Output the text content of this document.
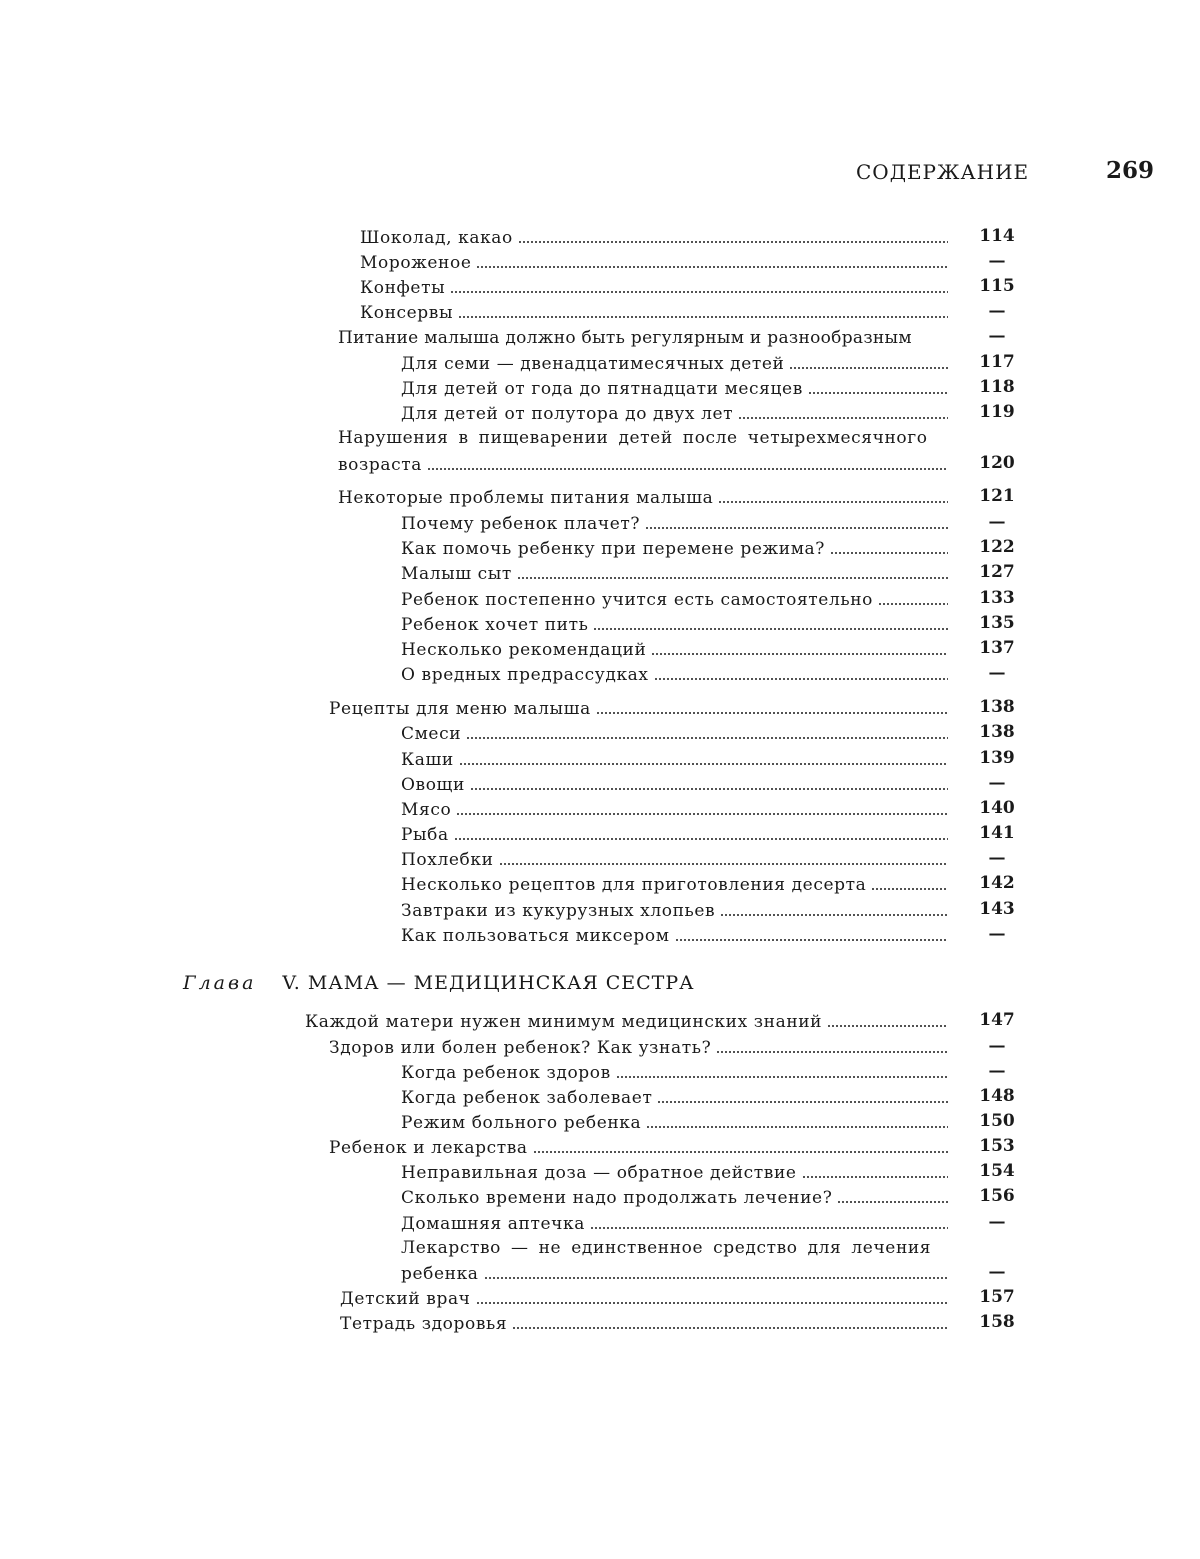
СОДЕРЖАНИЕ	269
Шоколад, какао	114
Мороженое	—
Конфеты	115
Консервы	—
Питание малыша должно быть регулярным и разнообразным	—
Для семи — двенадцатимесячных детей	117
Для детей от года до пятнадцати месяцев	118
Для детей от полутора до двух лет	119
Нарушения в пищеварении детей после четырехмесячного
возраста	120
Некоторые проблемы питания малыша	121
Почему ребенок плачет?	—
Как помочь ребенку при перемене режима?	122
Малыш сыт	127
Ребенок постепенно учится есть самостоятельно	133
Ребенок хочет пить	135
Несколько рекомендаций	137
О вредных предрассудках	—
Рецепты для меню малыша	138
Смеси	138
Каши	139
Овощи	—
Мясо	140
Рыба	141
Похлебки	—
Несколько рецептов для приготовления десерта	142
Завтраки из кукурузных хлопьев	143
Как пользоваться миксером	—
Глава V. МАМА — МЕДИЦИНСКАЯ СЕСТРА
Каждой матери нужен минимум медицинских знаний	147
Здоров или болен ребенок? Как узнать?	—
Когда ребенок здоров	—
Когда ребенок заболевает	148
Режим больного ребенка	150
Ребенок и лекарства	153
Неправильная доза — обратное действие	154
Сколько времени надо продолжать лечение?	156
Домашняя аптечка	—
Лекарство — не единственное средство для лечения
ребенка	—
Детский врач	157
Тетрадь здоровья	158
